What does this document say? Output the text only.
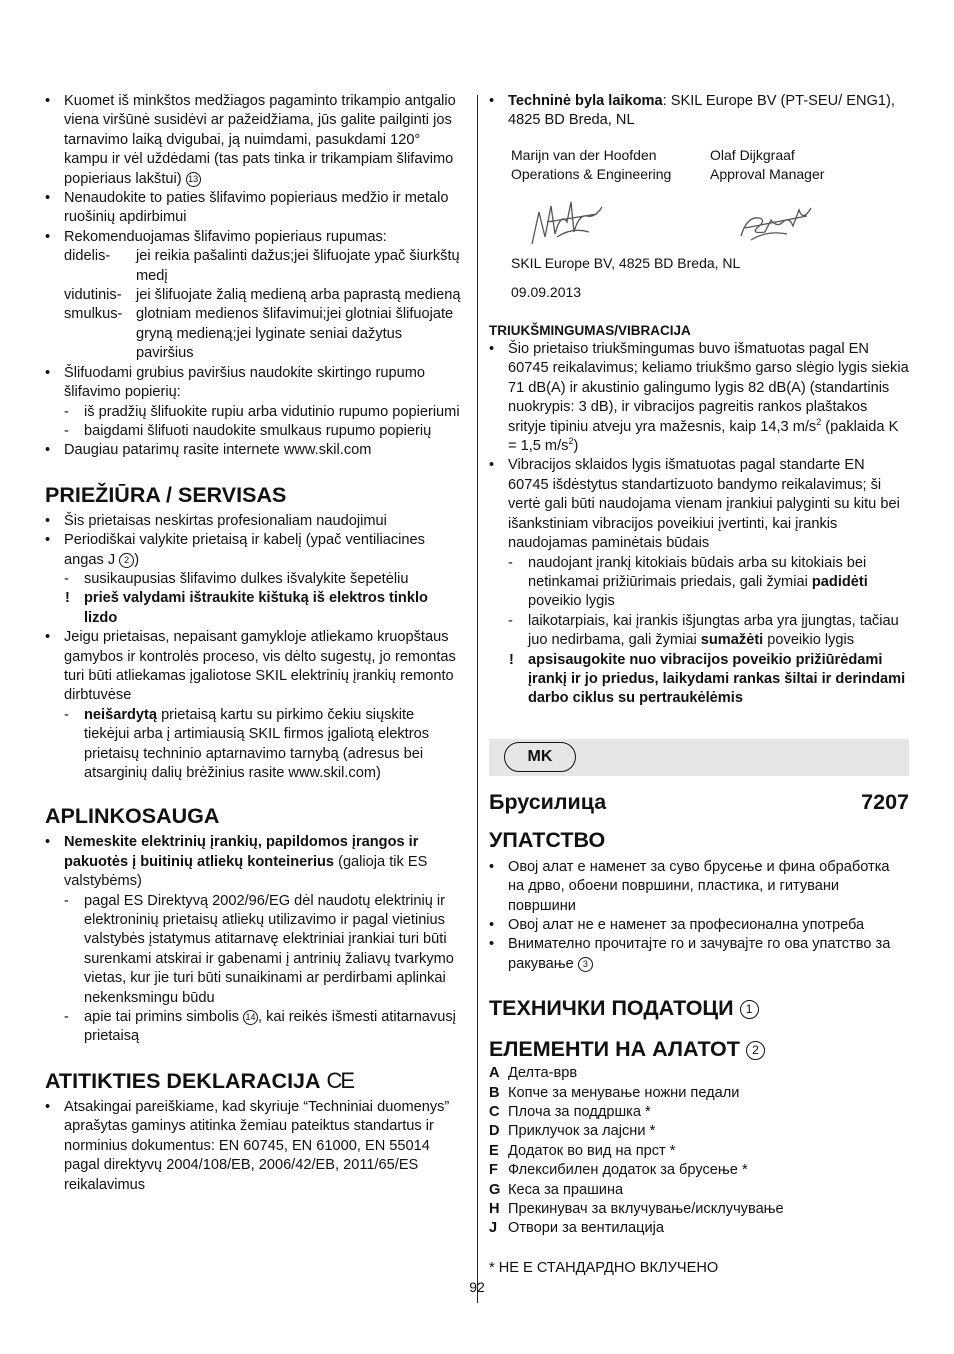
• Kuomet iš minkštos medžiagos pagaminto trikampio antgalio viena viršūnė susidėvi ar pažeidžiama, jūs galite pailginti jos tarnavimo laiką dvigubai, ją nuimdami, pasukdami 120° kampu ir vėl uždėdami (tas pats tinka ir trikampiam šlifavimo popieriaus lakštui) 13

• Nenaudokite to paties šlifavimo popieriaus medžio ir metalo ruošinių apdirbimui

• Rekomenduojamas šlifavimo popieriaus rupumas:

didelis-	jei reikia pašalinti dažus;jei šlifuojate ypač šiurkštų medį
vidutinis- jei šlifuojate žalią medieną arba paprastą medieną
smulkus- glotniam medienos šlifavimui;jei glotniai šlifuojate gryną medieną;jei lyginate seniai dažytus paviršius

• Šlifuodami grubius paviršius naudokite skirtingo rupumo šlifavimo popierių:

- iš pradžių šlifuokite rupiu arba vidutinio rupumo popieriumi

- baigdami šlifuoti naudokite smulkaus rupumo popierių

• Daugiau patarimų rasite internete www.skil.com

PRIEŽIŪRA / SERVISAS

• Šis prietaisas neskirtas profesionaliam naudojimui

• Periodiškai valykite prietaisą ir kabelį (ypač ventiliacines angas J 2 )

- susikaupusias šlifavimo dulkes išvalykite šepetėliu

! prieš valydami ištraukite kištuką iš elektros tinklo lizdo

• Jeigu prietaisas, nepaisant gamykloje atliekamo kruopštaus gamybos ir kontrolės proceso, vis dėlto sugestų, jo remontas turi būti atliekamas įgaliotose SKIL elektrinių įrankių remonto dirbtuvėse

- neišardytą prietaisą kartu su pirkimo čekiu siųskite tiekėjui arba į artimiausią SKIL firmos įgaliotą elektros prietaisų techninio aptarnavimo tarnybą (adresus bei atsarginių dalių brėžinius rasite www.skil.com)

APLINKOSAUGA

• Nemeskite elektrinių įrankių, papildomos įrangos ir pakuotės į buitinių atliekų konteinerius (galioja tik ES valstybėms)

- pagal ES Direktyvą 2002/96/EG dėl naudotų elektrinių ir elektroninių prietaisų atliekų utilizavimo ir pagal vietinius valstybės įstatymus atitarnavę elektriniai įrankiai turi būti surenkami atskirai ir gabenami į antrinių žaliavų tvarkymo vietas, kur jie turi būti sunaikinami ar perdirbami aplinkai nekenksmingu būdu

- apie tai primins simbolis 14 , kai reikės išmesti atitarnavusį prietaisą

ATITIKTIES DEKLARACIJA CE

• Atsakingai pareiškiame, kad skyriuje “Techniniai duomenys” aprašytas gaminys atitinka žemiau pateiktus standartus ir norminius dokumentus: EN 60745, EN 61000, EN 55014 pagal direktyvų 2004/108/EB, 2006/42/EB, 2011/65/ES reikalavimus

• Techninė byla laikoma: SKIL Europe BV (PT-SEU/ ENG1), 4825 BD Breda, NL

Marijn van der Hoofden
Operations & Engineering
Olaf Dijkgraaf
Approval Manager

SKIL Europe BV, 4825 BD Breda, NL

09.09.2013

TRIUKŠMINGUMAS/VIBRACIJA

• Šio prietaiso triukšmingumas buvo išmatuotas pagal EN 60745 reikalavimus; keliamo triukšmo garso slėgio lygis siekia 71 dB(A) ir akustinio galingumo lygis 82 dB(A) (standartinis nuokrypis: 3 dB), ir vibracijos pagreitis rankos plaštakos srityje tipiniu atveju yra mažesnis, kaip 14,3 $m/s^2$ (paklaida K = 1,5 $m/s^2$)

• Vibracijos sklaidos lygis išmatuotas pagal standarte EN 60745 išdėstytus standartizuoto bandymo reikalavimus; ši vertė gali būti naudojama vienam įrankiui palyginti su kitu bei išankstiniam vibracijos poveikiui įvertinti, kai įrankis naudojamas paminėtais būdais

- naudojant įrankį kitokiais būdais arba su kitokiais bei netinkamai prižiūrimais priedais, gali žymiai padidėti poveikio lygis

- laikotarpiais, kai įrankis išjungtas arba yra įjungtas, tačiau juo nedirbama, gali žymiai sumažėti poveikio lygis

! apsisaugokite nuo vibracijos poveikio prižiūrėdami įrankį ir jo priedus, laikydami rankas šiltai ir derindami darbo ciklus su pertraukėlėmis

MK
Брусилица	7207
УПАТСТВО

• Овој алат е наменет за суво брусење и фина обработка на дрво, обоени површини, пластика, и гитувани површини

• Овој алат не е наменет за професионална употреба

• Внимателно прочитајте го и зачувајте го ова упатство за ракување 3

ТЕХНИЧКИ ПОДАТОЦИ 1
ЕЛЕМЕНТИ НА АЛАТОТ 2
A Делта-врв
B Копче за менување ножни педали
C Плоча за поддршка *
D Приклучок за лајсни *
E Додаток во вид на прст *
F Флексибилен додаток за брусење *
G Кеса за прашина
H Прекинувач за вклучување/исклучување
J Отвори за вентилација

* НЕ Е СТАНДАРДНО ВКЛУЧЕНО

92
